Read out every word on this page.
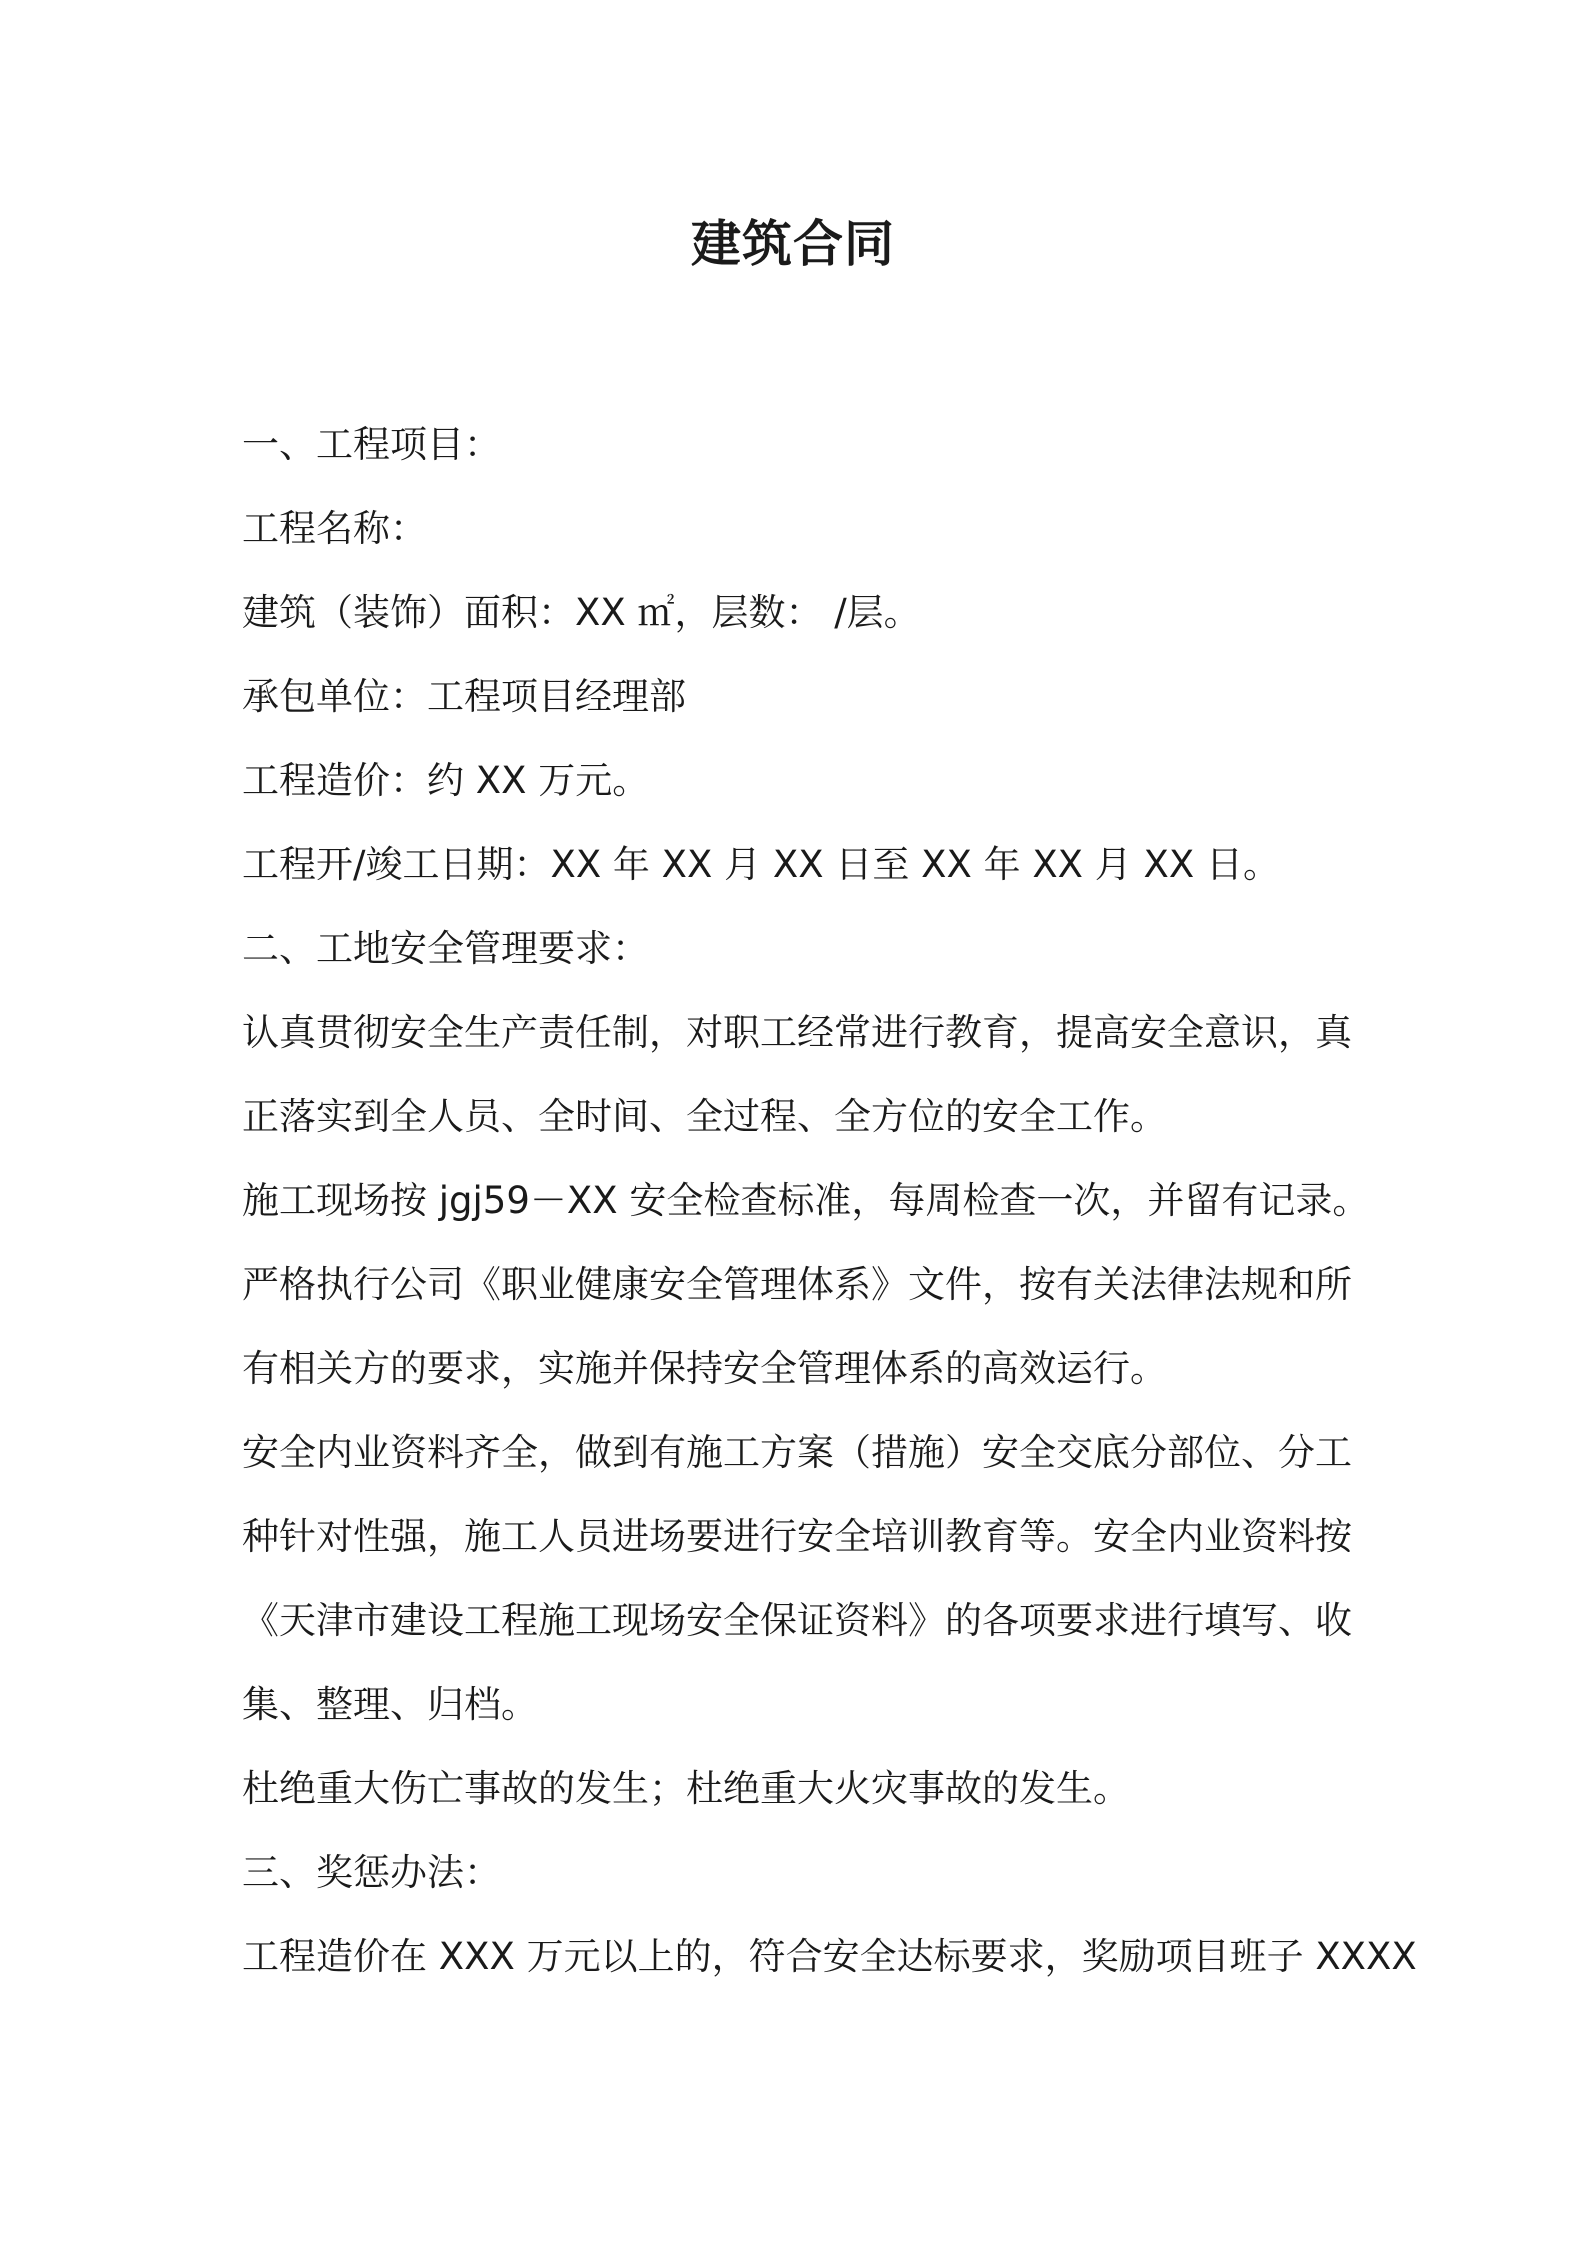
建筑合同
一、工程项目：
工程名称：
建筑（装饰）面积：XX ㎡，层数： /层。
承包单位：工程项目经理部
工程造价：约 XX 万元。
工程开/竣工日期：XX 年 XX 月 XX 日至 XX 年 XX 月 XX 日。
二、工地安全管理要求：
认真贯彻安全生产责任制，对职工经常进行教育，提高安全意识，真
正落实到全人员、全时间、全过程、全方位的安全工作。
施工现场按 jgj59－XX 安全检查标准，每周检查一次，并留有记录。
严格执行公司《职业健康安全管理体系》文件，按有关法律法规和所
有相关方的要求，实施并保持安全管理体系的高效运行。
安全内业资料齐全，做到有施工方案（措施）安全交底分部位、分工
种针对性强，施工人员进场要进行安全培训教育等。安全内业资料按
《天津市建设工程施工现场安全保证资料》的各项要求进行填写、收
集、整理、归档。
杜绝重大伤亡事故的发生；杜绝重大火灾事故的发生。
三、奖惩办法：
工程造价在 XXX 万元以上的，符合安全达标要求，奖励项目班子 XXXX
